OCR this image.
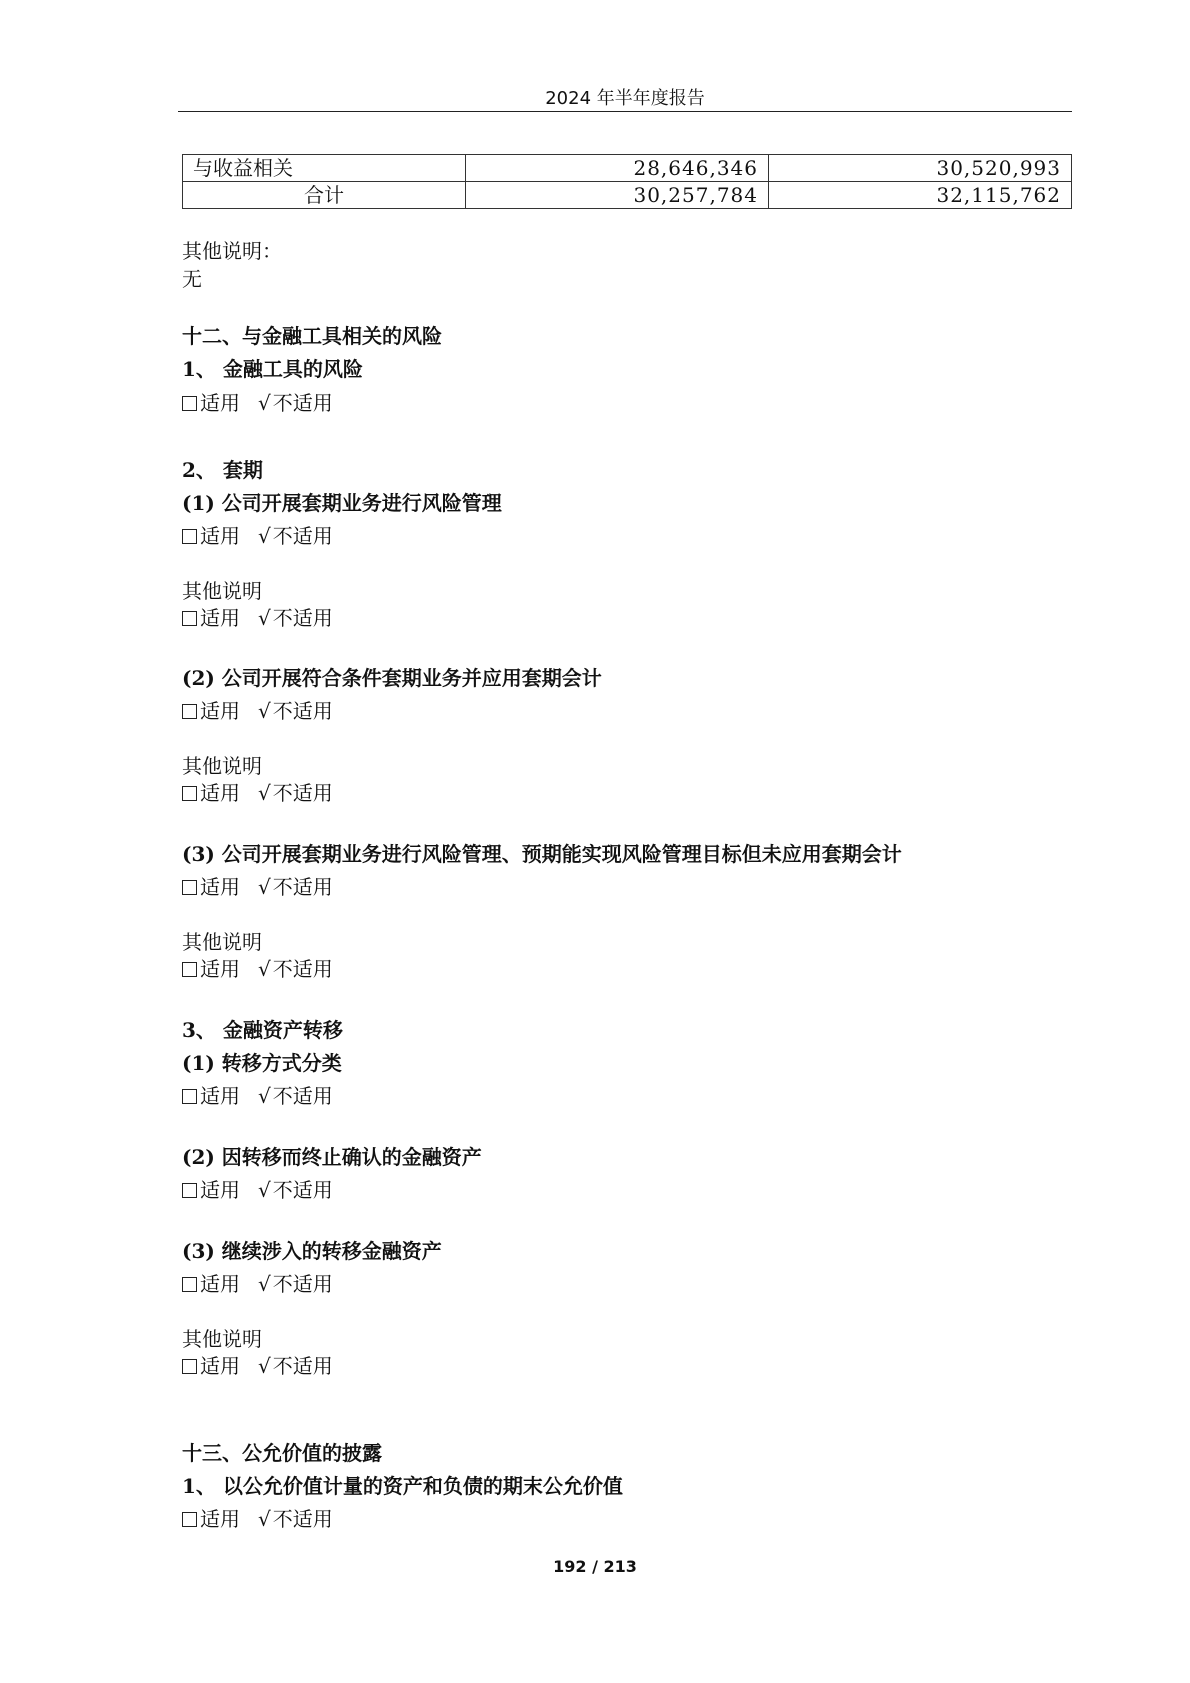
2024 年半年度报告
与收益相关	28,646,346	30,520,993
合计	30,257,784	32,115,762
其他说明：
无
十二、与金融工具相关的风险
1、 金融工具的风险
适用 √ 不适用
2、 套期
(1) 公司开展套期业务进行风险管理
适用 √ 不适用
其他说明
适用 √ 不适用
(2) 公司开展符合条件套期业务并应用套期会计
适用 √ 不适用
其他说明
适用 √ 不适用
(3) 公司开展套期业务进行风险管理、预期能实现风险管理目标但未应用套期会计
适用 √ 不适用
其他说明
适用 √ 不适用
3、 金融资产转移
(1) 转移方式分类
适用 √ 不适用
(2) 因转移而终止确认的金融资产
适用 √ 不适用
(3) 继续涉入的转移金融资产
适用 √ 不适用
其他说明
适用 √ 不适用
十三、公允价值的披露
1、 以公允价值计量的资产和负债的期末公允价值
适用 √ 不适用
192 / 213
